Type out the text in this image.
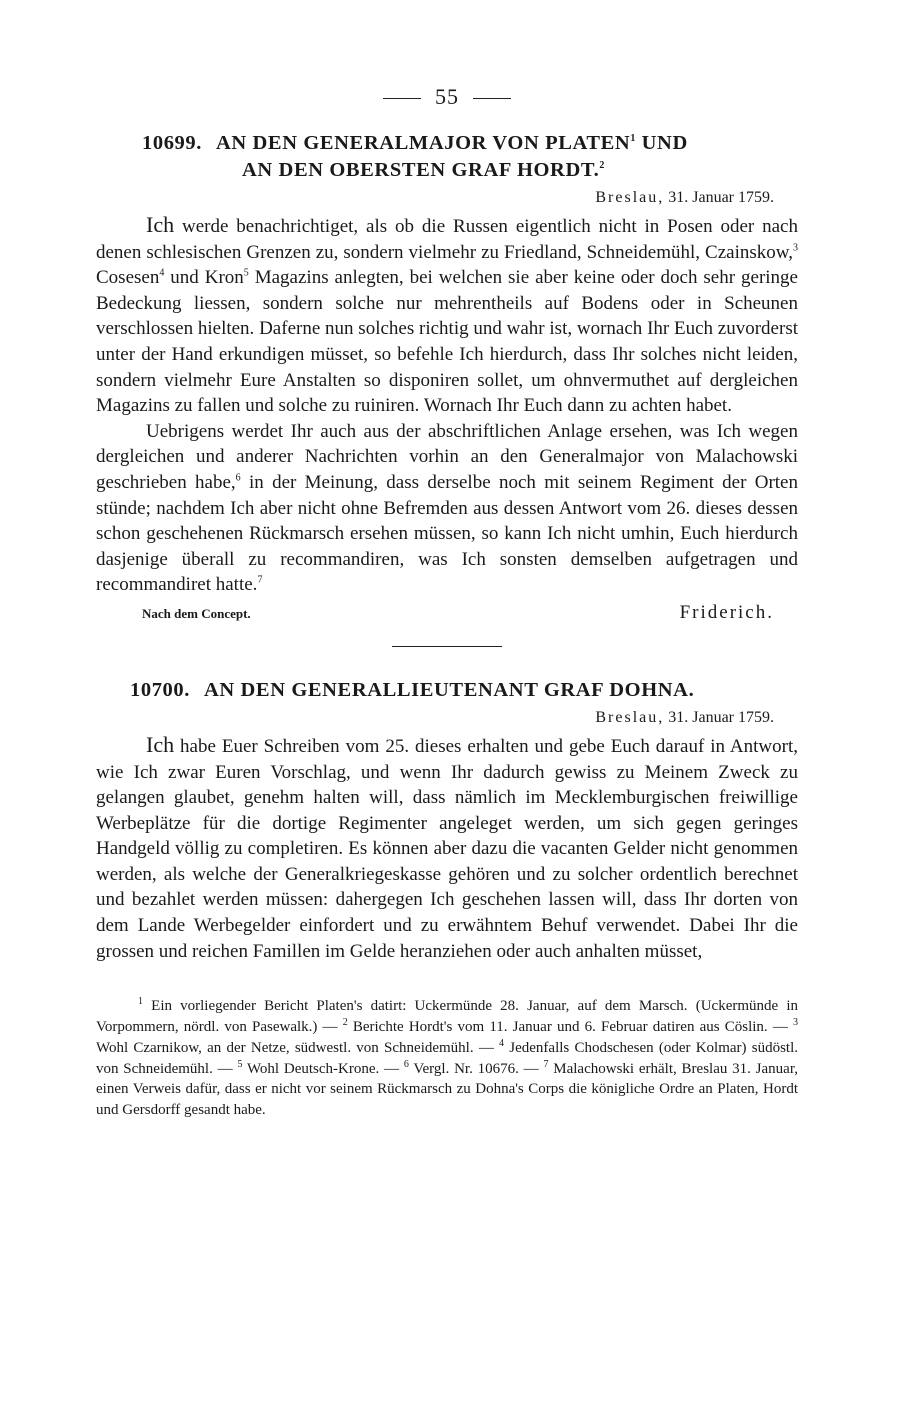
55
10699. AN DEN GENERALMAJOR VON PLATEN$^1$ UND
AN DEN OBERSTEN GRAF HORDT.$^2$
Breslau, 31. Januar 1759.

Ich werde benachrichtiget, als ob die Russen eigentlich nicht in Posen oder nach denen schlesischen Grenzen zu, sondern vielmehr zu Friedland, Schneidemühl, Czainskow,$^3$ Cosesen$^4$ und Kron$^5$ Magazins anlegten, bei welchen sie aber keine oder doch sehr geringe Bedeckung liessen, sondern solche nur mehrentheils auf Bodens oder in Scheunen verschlossen hielten. Daferne nun solches richtig und wahr ist, wornach Ihr Euch zuvorderst unter der Hand erkundigen müsset, so befehle Ich hierdurch, dass Ihr solches nicht leiden, sondern vielmehr Eure Anstalten so disponiren sollet, um ohnvermuthet auf dergleichen Magazins zu fallen und solche zu ruiniren. Wornach Ihr Euch dann zu achten habet.

Uebrigens werdet Ihr auch aus der abschriftlichen Anlage ersehen, was Ich wegen dergleichen und anderer Nachrichten vorhin an den Generalmajor von Malachowski geschrieben habe,$^6$ in der Meinung, dass derselbe noch mit seinem Regiment der Orten stünde; nachdem Ich aber nicht ohne Befremden aus dessen Antwort vom 26. dieses dessen schon geschehenen Rückmarsch ersehen müssen, so kann Ich nicht umhin, Euch hierdurch dasjenige überall zu recommandiren, was Ich sonsten demselben aufgetragen und recommandiret hatte.$^7$

Nach dem Concept.	Friderich.
10700. AN DEN GENERALLIEUTENANT GRAF DOHNA.
Breslau, 31. Januar 1759.

Ich habe Euer Schreiben vom 25. dieses erhalten und gebe Euch darauf in Antwort, wie Ich zwar Euren Vorschlag, und wenn Ihr dadurch gewiss zu Meinem Zweck zu gelangen glaubet, genehm halten will, dass nämlich im Mecklemburgischen freiwillige Werbeplätze für die dortige Regimenter angeleget werden, um sich gegen geringes Handgeld völlig zu completiren. Es können aber dazu die vacanten Gelder nicht genommen werden, als welche der Generalkriegeskasse gehören und zu solcher ordentlich berechnet und bezahlet werden müssen: dahergegen Ich geschehen lassen will, dass Ihr dorten von dem Lande Werbegelder einfordert und zu erwähntem Behuf verwendet. Dabei Ihr die grossen und reichen Famillen im Gelde heranziehen oder auch anhalten müsset,

$^1$ Ein vorliegender Bericht Platen's datirt: Uckermünde 28. Januar, auf dem Marsch. (Uckermünde in Vorpommern, nördl. von Pasewalk.) — $^2$ Berichte Hordt's vom 11. Januar und 6. Februar datiren aus Cöslin. — $^3$ Wohl Czarnikow, an der Netze, südwestl. von Schneidemühl. — $^4$ Jedenfalls Chodschesen (oder Kolmar) südöstl. von Schneidemühl. — $^5$ Wohl Deutsch-Krone. — $^6$ Vergl. Nr. 10676. — $^7$ Malachowski erhält, Breslau 31. Januar, einen Verweis dafür, dass er nicht vor seinem Rückmarsch zu Dohna's Corps die königliche Ordre an Platen, Hordt und Gersdorff gesandt habe.
